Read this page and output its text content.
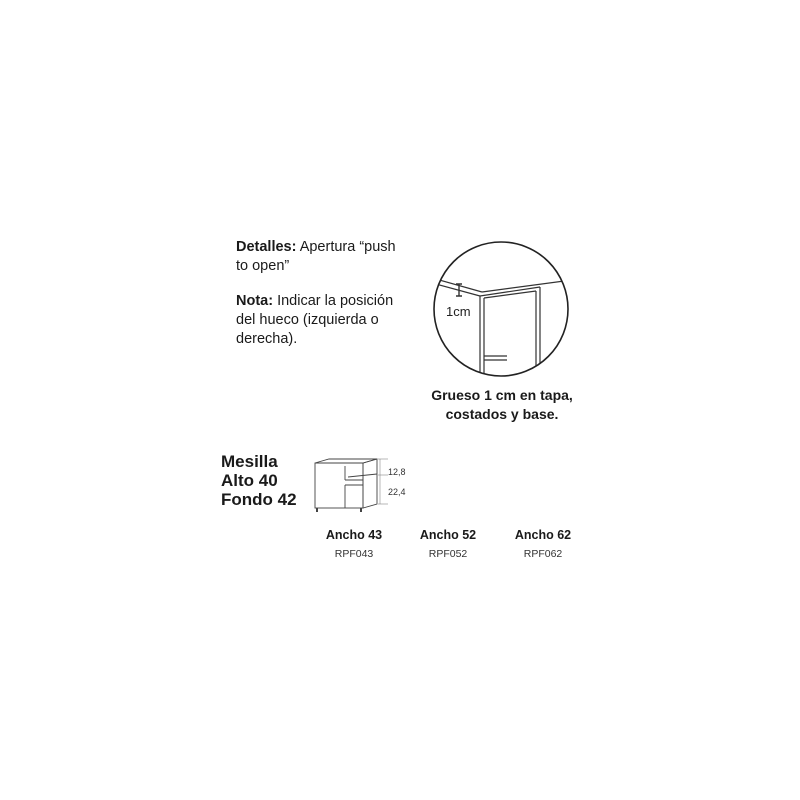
Detalles: Apertura “push to open”

Nota: Indicar la posición del hueco (izquierda o derecha).

1cm
Grueso 1 cm en tapa,
costados y base.
Mesilla
Alto 40
Fondo 42
12,8
22,4
Ancho 43
RPF043
Ancho 52
RPF052
Ancho 62
RPF062
